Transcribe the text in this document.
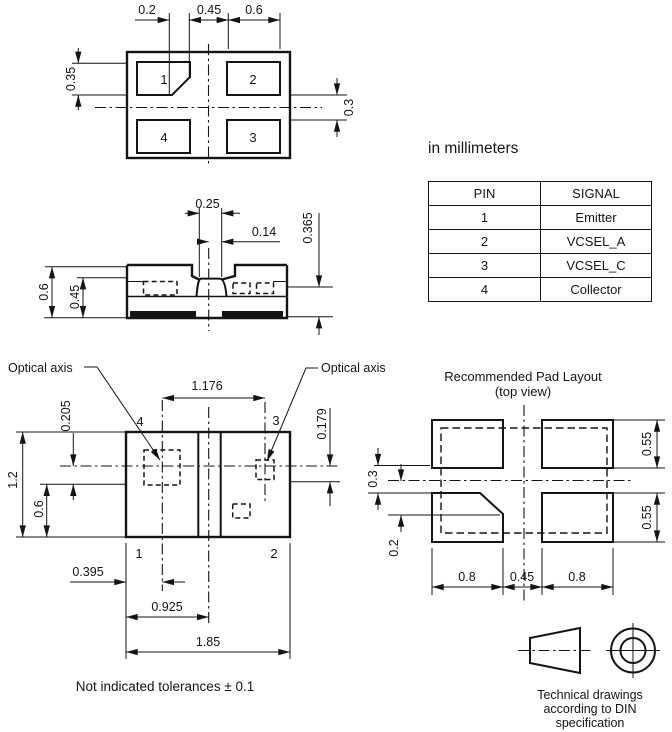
0.2	0.45 0.6
0.35
0.3
1	2
4	3
0.25
0.14
0.6 0.45
0.365
Optical axis	Optical axis
1.176
1.2
0.205
0.6
0.179
0.395
0.925
1.85
4	3
1	2
Recommended Pad Layout
(top view)
0.3
0.2
0.55
0.55
0.8	0.45	0.8
Not indicated tolerances ± 0.1
Technical drawings
according to DIN
specification
in millimeters
PIN	SIGNAL
1	Emitter
2	VCSEL_A
3	VCSEL_C
4	Collector
